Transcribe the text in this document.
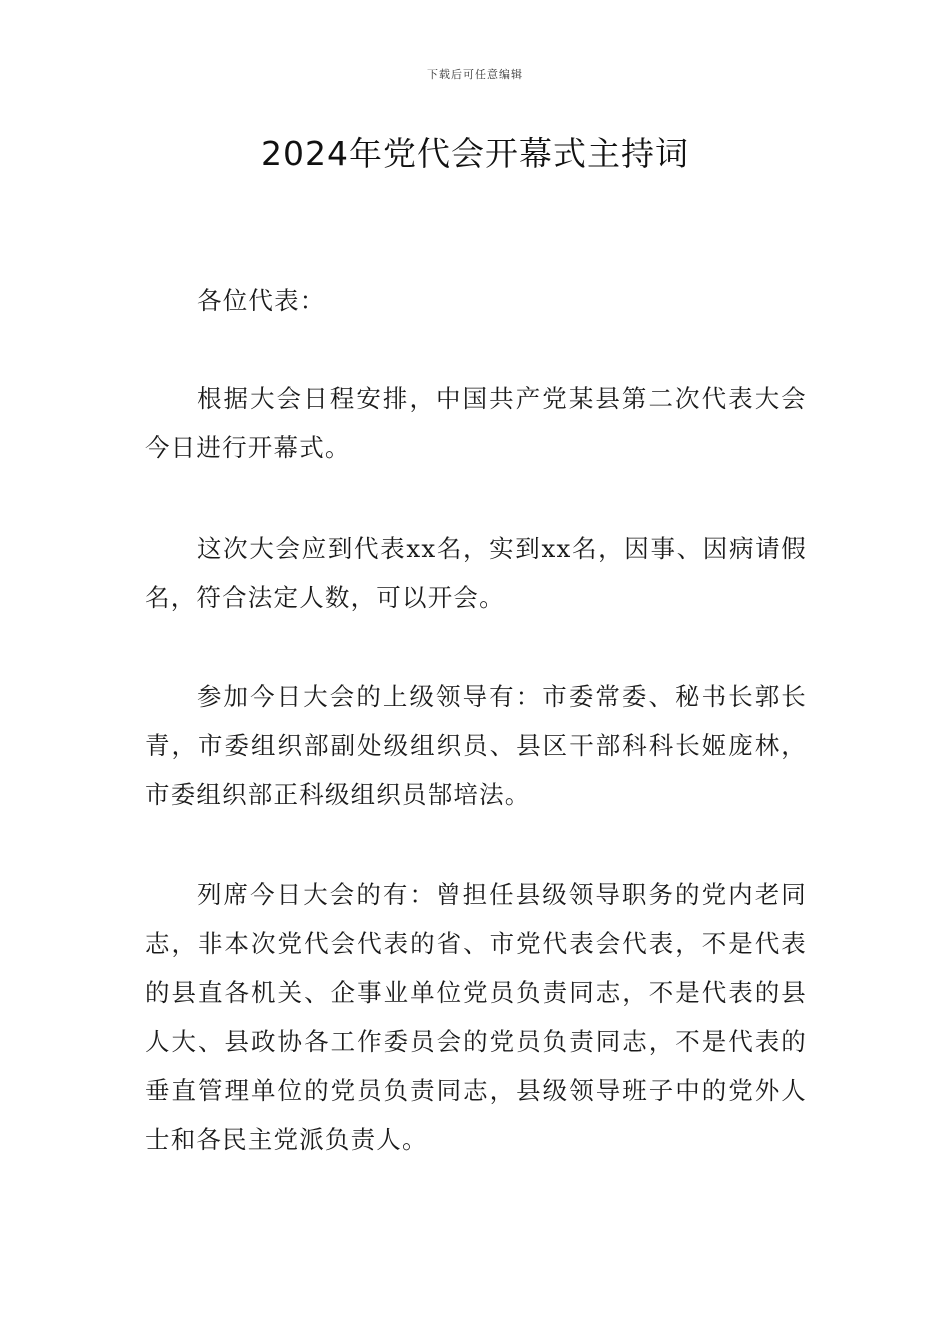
下载后可任意编辑
2024年党代会开幕式主持词

各位代表：

根据大会日程安排，中国共产党某县第二次代表大会今日进行开幕式。

这次大会应到代表xx名，实到xx名，因事、因病请假名，符合法定人数，可以开会。

参加今日大会的上级领导有：市委常委、秘书长郭长青，市委组织部副处级组织员、县区干部科科长姬庞林，市委组织部正科级组织员郜培法。

列席今日大会的有：曾担任县级领导职务的党内老同志，非本次党代会代表的省、市党代表会代表，不是代表的县直各机关、企事业单位党员负责同志，不是代表的县人大、县政协各工作委员会的党员负责同志，不是代表的垂直管理单位的党员负责同志，县级领导班子中的党外人士和各民主党派负责人。
